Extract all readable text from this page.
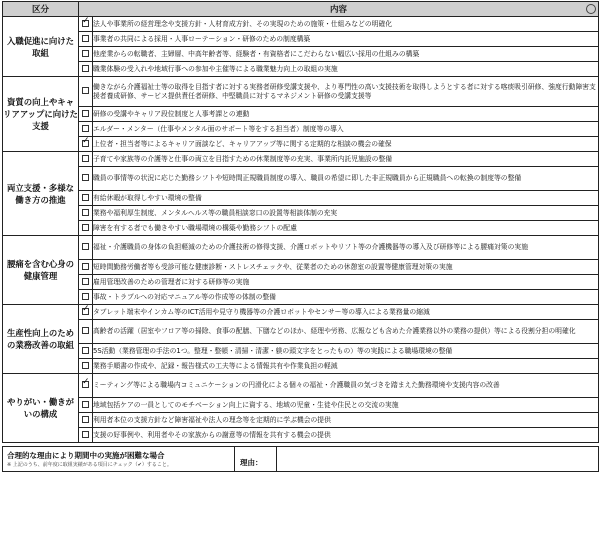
区分	内容	

入職促進に向けた取組	✓	法人や事業所の経営理念や支援方針・人材育成方針、その実現のための施策・仕組みなどの明確化
		事業者の共同による採用・人事ローテーション・研修のための制度構築
		他産業からの転職者、主婦層、中高年齢者等、経験者・有資格者にこだわらない幅広い採用の仕組みの構築
		職業体験の受入れや地域行事への参加や主催等による職業魅力向上の取組の実施
資質の向上やキャリアアップに向けた支援		働きながら介護福祉士等の取得を目指す者に対する実務者研修受講支援や、より専門性の高い支援技術を取得しようとする者に対する喀痰吸引研修、強度行動障害支援者養成研修、サービス提供責任者研修、中堅職員に対するマネジメント研修の受講支援等
		研修の受講やキャリア段位制度と人事考課との連動
		エルダー・メンター（仕事やメンタル面のサポート等をする担当者）制度等の導入
✓	上位者・担当者等によるキャリア面談など、キャリアアップ等に関する定期的な相談の機会の確保
両立支援・多様な働き方の推進		子育てや家族等の介護等と仕事の両立を目指すための休業制度等の充実、事業所内託児施設の整備
		職員の事情等の状況に応じた勤務シフトや短時間正規職員制度の導入、職員の希望に即した非正規職員から正規職員への転換の制度等の整備
		有給休暇が取得しやすい環境の整備
		業務や福利厚生制度、メンタルヘルス等の職員相談窓口の設置等相談体制の充実
		障害を有する者でも働きやすい職場環境の構築や勤務シフトの配慮
腰痛を含む心身の健康管理		福祉・介護職員の身体の負担軽減のための介護技術の修得支援、介護ロボットやリフト等の介護機器等の導入及び研修等による腰痛対策の実施
		短時間勤務労働者等も受診可能な健康診断・ストレスチェックや、従業者のための休憩室の設置等健康管理対策の実施
		雇用管理改善のための管理者に対する研修等の実施
		事故・トラブルへの対応マニュアル等の作成等の体制の整備
生産性向上のための業務改善の取組	✓	タブレット端末やインカム等のICT活用や見守り機器等の介護ロボットやセンサー等の導入による業務量の縮減
		高齢者の活躍（居室やフロア等の掃除、食事の配膳、下膳などのほか、経理や労務、広報なども含めた介護業務以外の業務の提供）等による役割分担の明確化
		5S活動（業務管理の手法の1つ。整理・整頓・清掃・清潔・躾の頭文字をとったもの）等の実践による職場環境の整備
		業務手順書の作成や、記録・報告様式の工夫等による情報共有や作業負担の軽減
やりがい・働きがいの構成	✓	ミーティング等による職場内コミュニケーションの円滑化による個々の福祉・介護職員の気づきを踏まえた勤務環境や支援内容の改善
		地域包括ケアの一員としてのモチベーション向上に資する、地域の児童・生徒や住民との交流の実施
		利用者本位の支援方針など障害福祉や法人の理念等を定期的に学ぶ機会の提供
		支援の好事例や、利用者やその家族からの謝意等の情報を共有する機会の提供
合理的な理由により期間中の実施が困難な場合
※ 上記のうち、前年度に取組実績がある項目にチェック（✔）すること。	理由：	
